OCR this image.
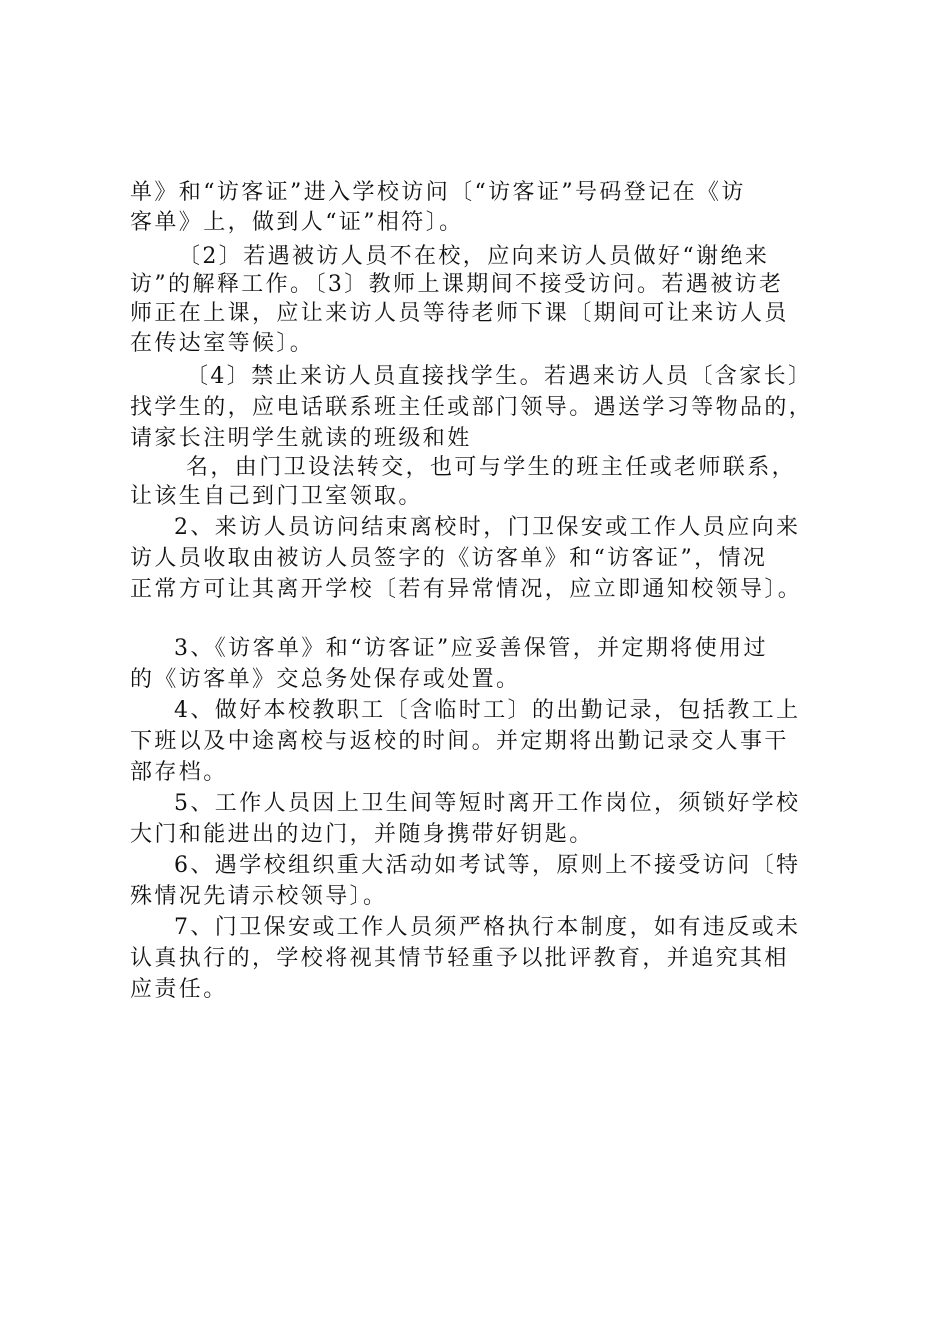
单》和“访客证”进入学校访问〔“访客证”号码登记在《访
客单》上，做到人“证”相符〕。
〔2〕若遇被访人员不在校，应向来访人员做好“谢绝来
访”的解释工作。〔3〕教师上课期间不接受访问。若遇被访老
师正在上课，应让来访人员等待老师下课〔期间可让来访人员
在传达室等候〕。
〔4〕禁止来访人员直接找学生。若遇来访人员〔含家长〕
找学生的，应电话联系班主任或部门领导。遇送学习等物品的，
请家长注明学生就读的班级和姓
名，由门卫设法转交，也可与学生的班主任或老师联系，
让该生自己到门卫室领取。
2、来访人员访问结束离校时，门卫保安或工作人员应向来
访人员收取由被访人员签字的《访客单》和“访客证”，情况
正常方可让其离开学校〔若有异常情况，应立即通知校领导〕。
3、《访客单》和“访客证”应妥善保管，并定期将使用过
的《访客单》交总务处保存或处置。
4、做好本校教职工〔含临时工〕的出勤记录，包括教工上
下班以及中途离校与返校的时间。并定期将出勤记录交人事干
部存档。
5、工作人员因上卫生间等短时离开工作岗位，须锁好学校
大门和能进出的边门，并随身携带好钥匙。
6、遇学校组织重大活动如考试等，原则上不接受访问〔特
殊情况先请示校领导〕。
7、门卫保安或工作人员须严格执行本制度，如有违反或未
认真执行的，学校将视其情节轻重予以批评教育，并追究其相
应责任。
